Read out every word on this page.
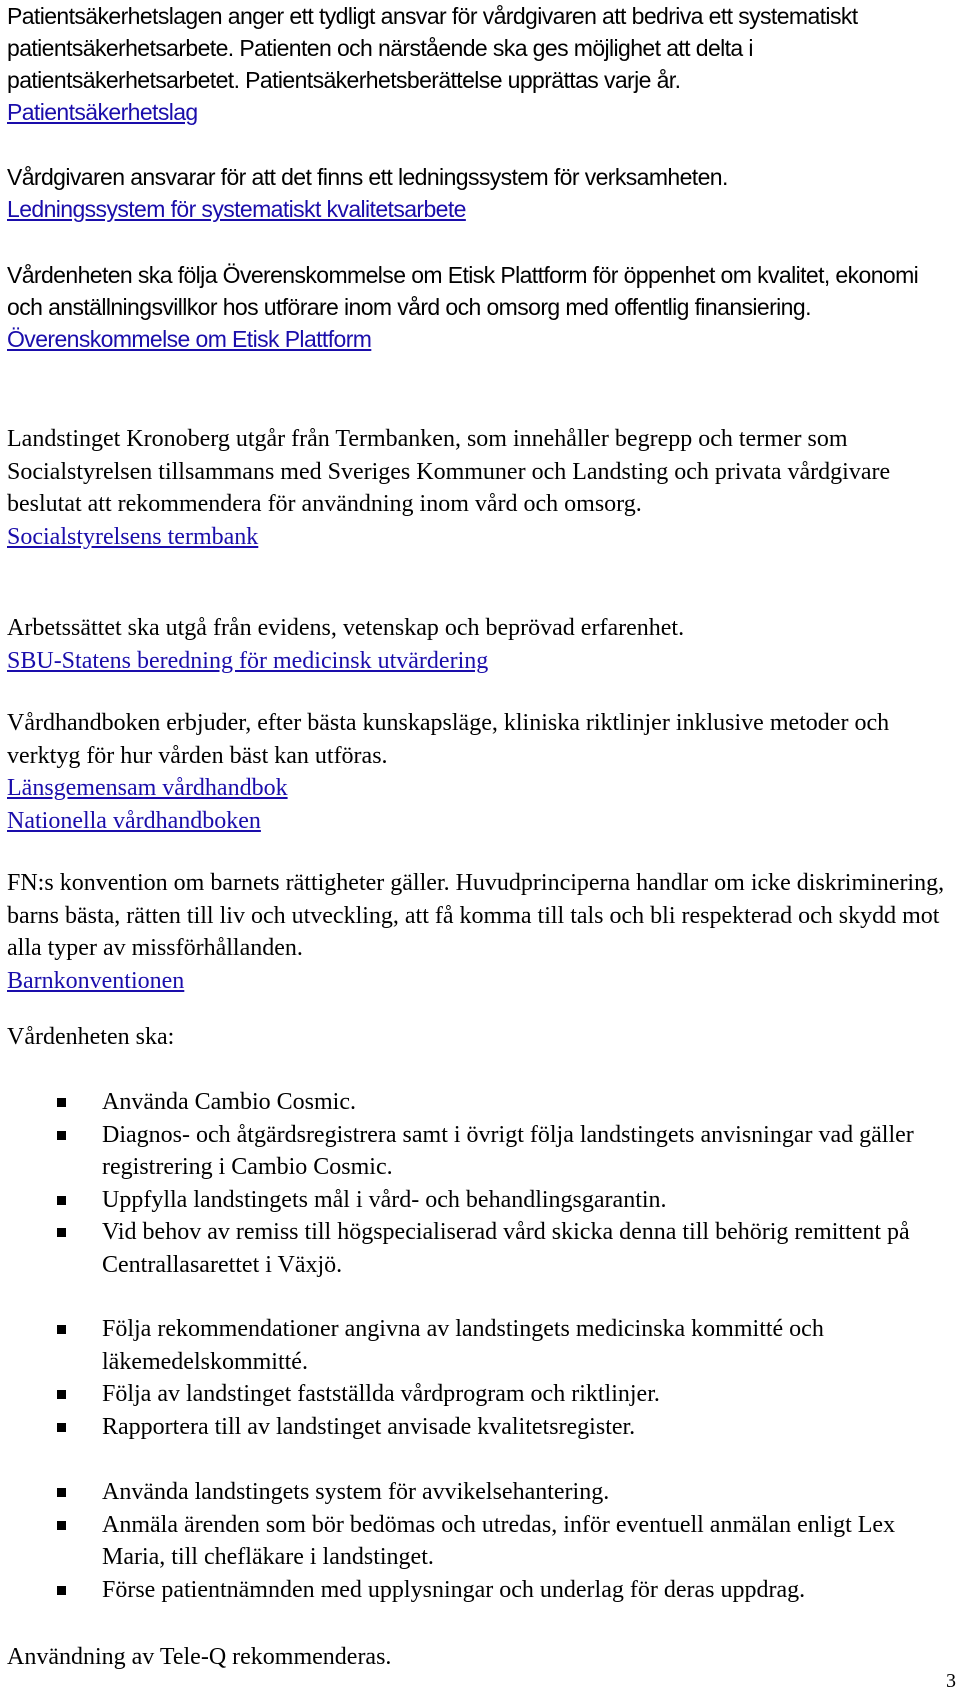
Patientsäkerhetslagen anger ett tydligt ansvar för vårdgivaren att bedriva ett systematiskt patientsäkerhetsarbete. Patienten och närstående ska ges möjlighet att delta i patientsäkerhetsarbetet. Patientsäkerhetsberättelse upprättas varje år.
Patientsäkerhetslag
Vårdgivaren ansvarar för att det finns ett ledningssystem för verksamheten.
Ledningssystem för systematiskt kvalitetsarbete
Vårdenheten ska följa Överenskommelse om Etisk Plattform för öppenhet om kvalitet, ekonomi och anställningsvillkor hos utförare inom vård och omsorg med offentlig finansiering.
Överenskommelse om Etisk Plattform
Landstinget Kronoberg utgår från Termbanken, som innehåller begrepp och termer som Socialstyrelsen tillsammans med Sveriges Kommuner och Landsting och privata vårdgivare beslutat att rekommendera för användning inom vård och omsorg.
Socialstyrelsens termbank
Arbetssättet ska utgå från evidens, vetenskap och beprövad erfarenhet.
SBU-Statens beredning för medicinsk utvärdering
Vårdhandboken erbjuder, efter bästa kunskapsläge, kliniska riktlinjer inklusive metoder och verktyg för hur vården bäst kan utföras.
Länsgemensam vårdhandbok
Nationella vårdhandboken
FN:s konvention om barnets rättigheter gäller. Huvudprinciperna handlar om icke diskriminering, barns bästa, rätten till liv och utveckling, att få komma till tals och bli respekterad och skydd mot alla typer av missförhållanden.
Barnkonventionen
Vårdenheten ska:
Använda Cambio Cosmic.
Diagnos- och åtgärdsregistrera samt i övrigt följa landstingets anvisningar vad gäller registrering i Cambio Cosmic.
Uppfylla landstingets mål i vård- och behandlingsgarantin.
Vid behov av remiss till högspecialiserad vård skicka denna till behörig remittent på Centrallasarettet i Växjö.
Följa rekommendationer angivna av landstingets medicinska kommitté och läkemedelskommitté.
Följa av landstinget fastställda vårdprogram och riktlinjer.
Rapportera till av landstinget anvisade kvalitetsregister.
Använda landstingets system för avvikelsehantering.
Anmäla ärenden som bör bedömas och utredas, inför eventuell anmälan enligt Lex Maria, till chefläkare i landstinget.
Förse patientnämnden med upplysningar och underlag för deras uppdrag.
Användning av Tele-Q rekommenderas.
3
